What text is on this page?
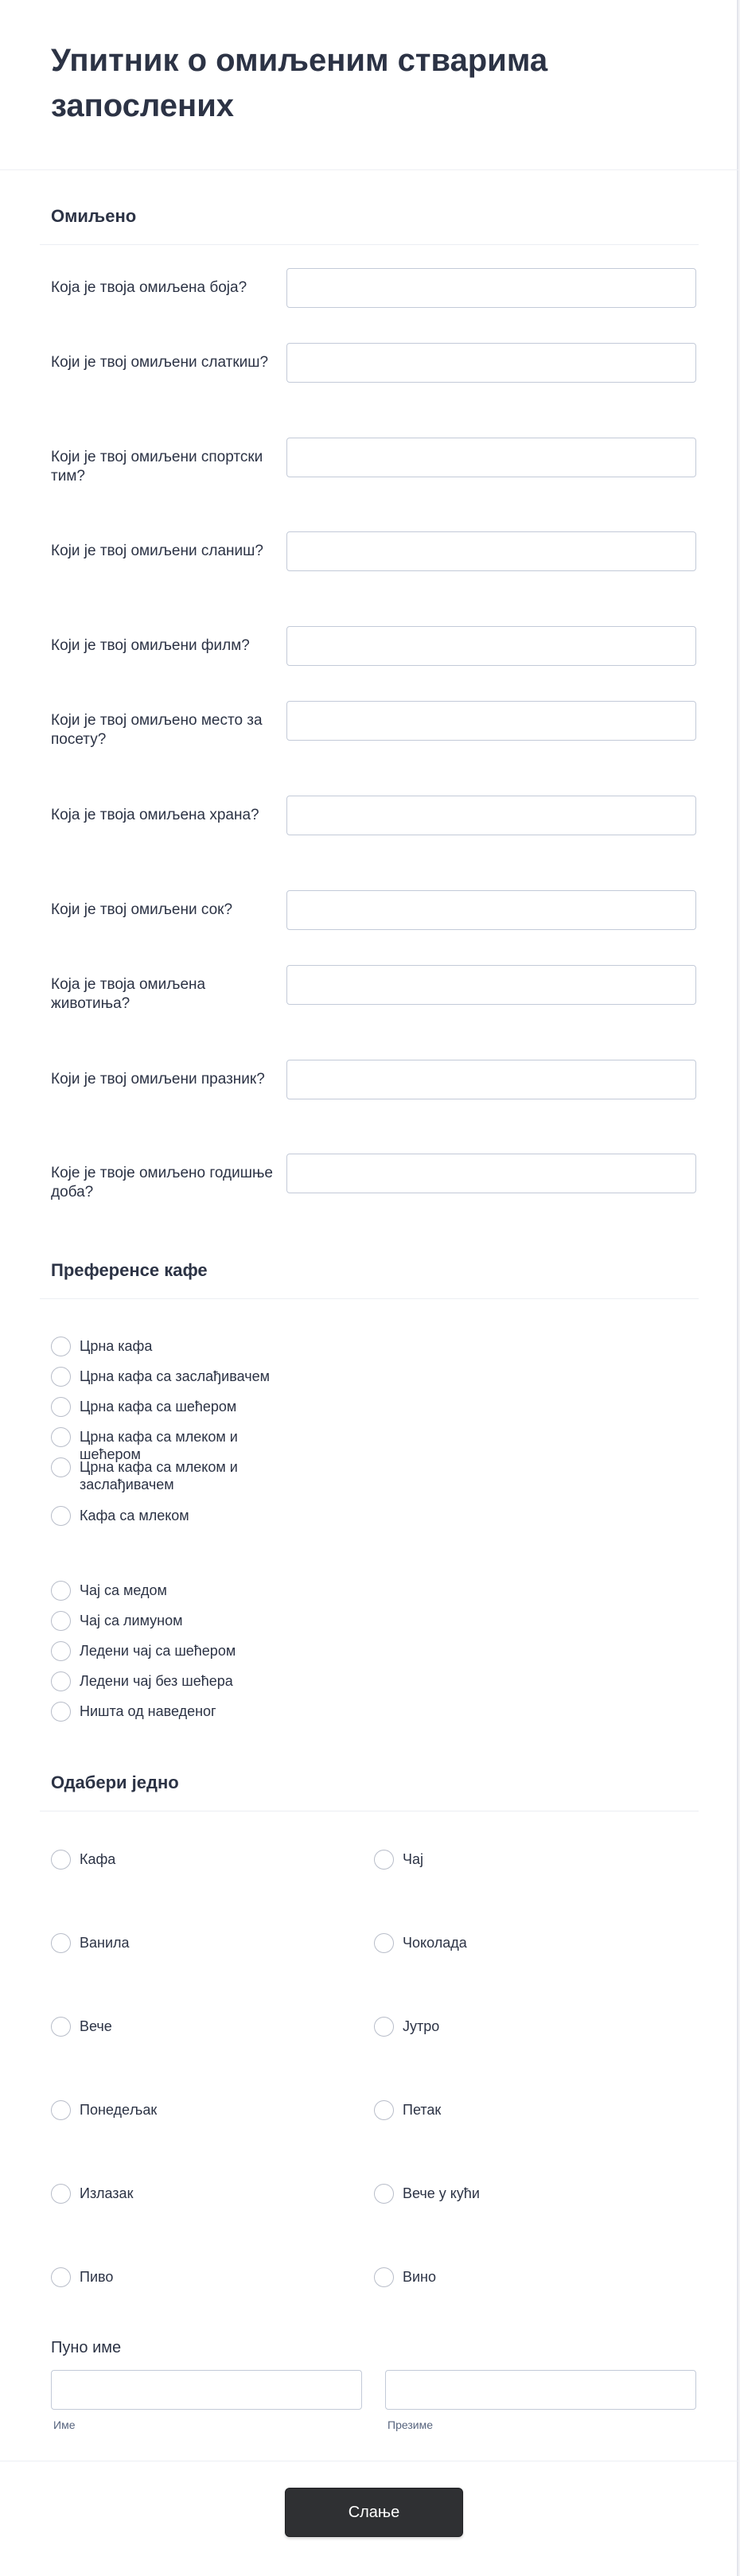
Упитник о омиљеним стварима запослених
Омиљено
Која је твоја омиљена боја?
Који је твој омиљени слаткиш?
Који је твој омиљени спортски тим?
Који је твој омиљени сланиш?
Који је твој омиљени филм?
Који је твој омиљено место за посету?
Која је твоја омиљена храна?
Који је твој омиљени сок?
Која је твоја омиљена животиња?
Који је твој омиљени празник?
Које је твоје омиљено годишње доба?
Преференсе кафе
Црна кафа
Црна кафа са заслађивачем
Црна кафа са шећером
Црна кафа са млеком и шећером
Црна кафа са млеком и заслађивачем
Кафа са млеком
Чај са медом
Чај са лимуном
Ледени чај са шећером
Ледени чај без шећера
Ништа од наведеног
Одабери једно
Кафа	Чај
Ванила	Чоколада
Вече	Јутро
Понедељак	Петак
Излазак	Вече у кући
Пиво	Вино
Пуно име
Име	Презиме
Слање
